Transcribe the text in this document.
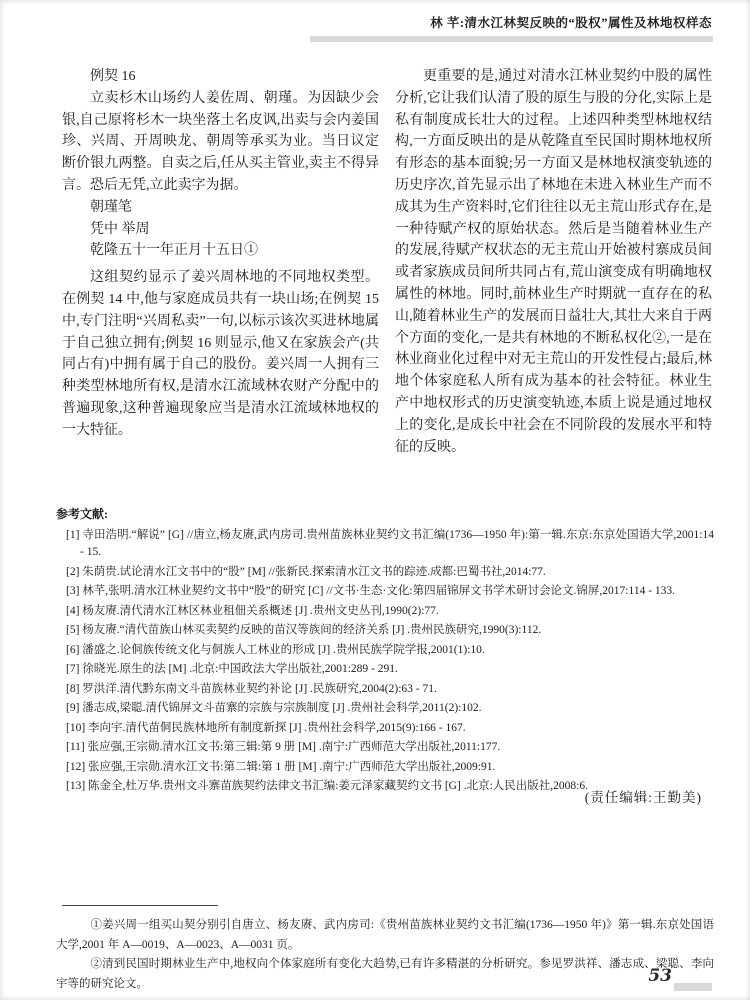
林 芊:清水江林契反映的“股权”属性及林地权样态

例契 16

立卖杉木山场约人姜佐周、朝瑾。为因缺少会银,自己原将杉木一块坐落土名皮讽,出卖与会内姜国珍、兴周、开周映龙、朝周等承买为业。当日议定断价银九两整。自卖之后,任从买主管业,卖主不得异言。恐后无凭,立此卖字为据。

朝瑾笔

凭中 举周

乾隆五十一年正月十五日①

这组契约显示了姜兴周林地的不同地权类型。在例契 14 中,他与家庭成员共有一块山场;在例契 15 中,专门注明“兴周私卖”一句,以标示该次买进林地属于自己独立拥有;例契 16 则显示,他又在家族会产(共同占有)中拥有属于自己的股份。姜兴周一人拥有三种类型林地所有权,是清水江流域林农财产分配中的普遍现象,这种普遍现象应当是清水江流域林地权的一大特征。

更重要的是,通过对清水江林业契约中股的属性分析,它让我们认清了股的原生与股的分化,实际上是私有制度成长壮大的过程。上述四种类型林地权结构,一方面反映出的是从乾隆直至民国时期林地权所有形态的基本面貌;另一方面又是林地权演变轨迹的历史序次,首先显示出了林地在未进入林业生产而不成其为生产资料时,它们往往以无主荒山形式存在,是一种待赋产权的原始状态。然后是当随着林业生产的发展,待赋产权状态的无主荒山开始被村寨成员间或者家族成员间所共同占有,荒山演变成有明确地权属性的林地。同时,前林业生产时期就一直存在的私山,随着林业生产的发展而日益壮大,其壮大来自于两个方面的变化,一是共有林地的不断私权化②,一是在林业商业化过程中对无主荒山的开发性侵占;最后,林地个体家庭私人所有成为基本的社会特征。林业生产中地权形式的历史演变轨迹,本质上说是通过地权上的变化,是成长中社会在不同阶段的发展水平和特征的反映。

参考文献:
[1] 寺田浩明.“解说” [G] //唐立,杨友赓,武内房司.贵州苗族林业契约文书汇编(1736—1950 年):第一辑.东京:东京处国语大学,2001:14 - 15.
[2] 朱荫贵.试论清水江文书中的“股” [M] //张新民.探索清水江文书的踪迹.成都:巴蜀书社,2014:77.
[3] 林芊,张明.清水江林业契约文书中“股”的研究 [C] //文书·生态·文化:第四届锦屏文书学术研讨会论文.锦屏,2017:114 - 133.
[4] 杨友赓.清代清水江林区林业租佃关系概述 [J] .贵州文史丛刊,1990(2):77.
[5] 杨友赓.“清代苗族山林买卖契约反映的苗汉等族间的经济关系 [J] .贵州民族研究,1990(3):112.
[6] 潘盛之.论侗族传统文化与侗族人工林业的形成 [J] .贵州民族学院学报,2001(1):10.
[7] 徐晓光.原生的法 [M] .北京:中国政法大学出版社,2001:289 - 291.
[8] 罗洪洋.清代黔东南文斗苗族林业契约补论 [J] .民族研究,2004(2):63 - 71.
[9] 潘志成,梁聪.清代锦屏文斗苗寨的宗族与宗族制度 [J] .贵州社会科学,2011(2):102.
[10] 李向宇.清代苗侗民族林地所有制度新探 [J] .贵州社会科学,2015(9):166 - 167.
[11] 张应强,王宗勋.清水江文书:第三辑:第 9 册 [M] .南宁:广西师范大学出版社,2011:177.
[12] 张应强,王宗勋.清水江文书:第二辑:第 1 册 [M] .南宁:广西师范大学出版社,2009:91.
[13] 陈金全,杜万华.贵州文斗寨苗族契约法律文书汇编:姜元泽家藏契约文书 [G] .北京:人民出版社,2008:6.
(责任编辑:王勤美)

①姜兴周一组买山契分别引自唐立、杨友赓、武内房司:《贵州苗族林业契约文书汇编(1736—1950 年)》第一辑.东京处国语大学,2001 年 A—0019、A—0023、A—0031 页。

②清到民国时期林业生产中,地权向个体家庭所有变化大趋势,已有许多精湛的分析研究。参见罗洪祥、潘志成、梁聪、李向宇等的研究论文。	53
